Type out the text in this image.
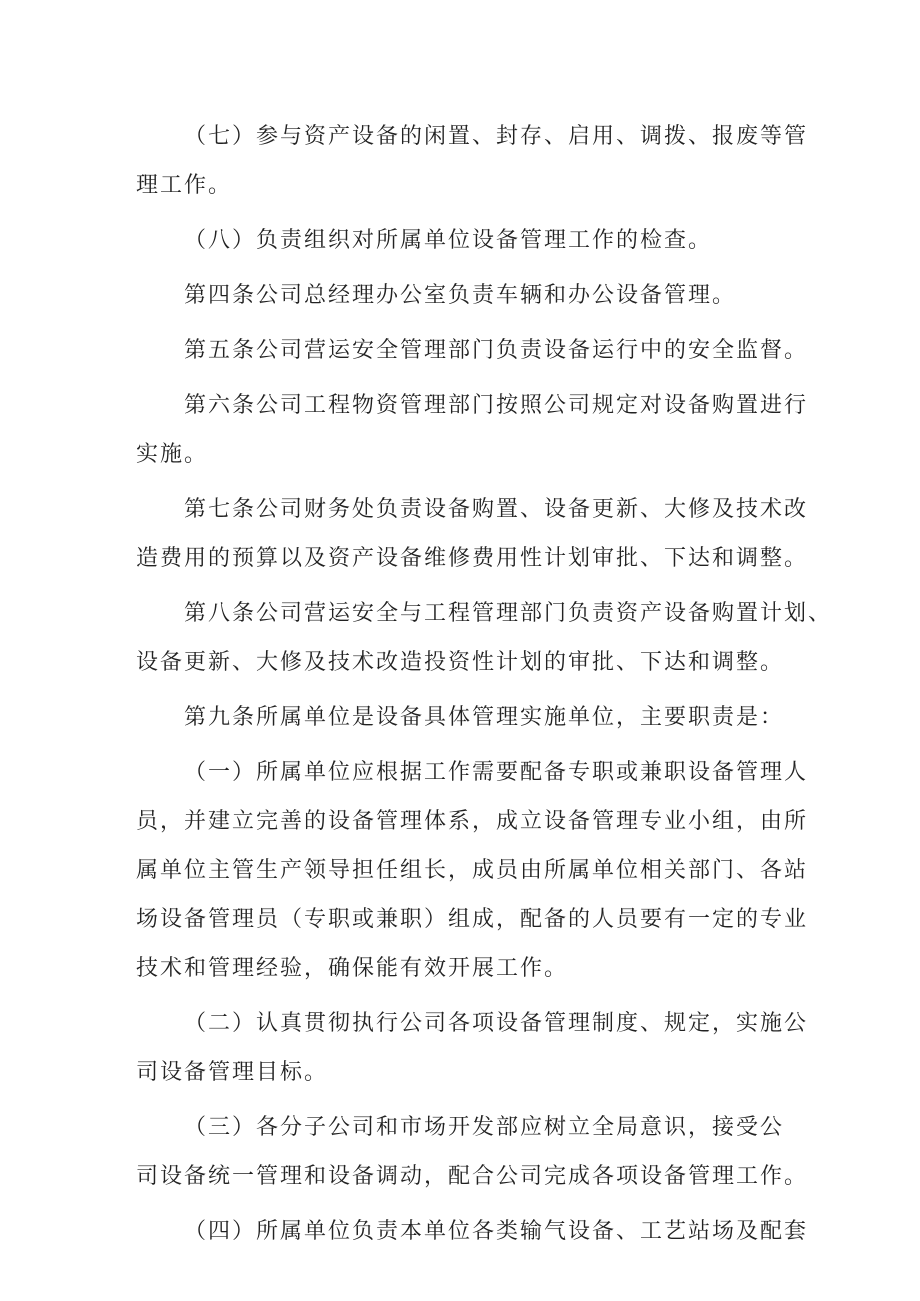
（七）参与资产设备的闲置、封存、启用、调拨、报废等管
理工作。
（八）负责组织对所属单位设备管理工作的检查。
第四条公司总经理办公室负责车辆和办公设备管理。
第五条公司营运安全管理部门负责设备运行中的安全监督。
第六条公司工程物资管理部门按照公司规定对设备购置进行
实施。
第七条公司财务处负责设备购置、设备更新、大修及技术改
造费用的预算以及资产设备维修费用性计划审批、下达和调整。
第八条公司营运安全与工程管理部门负责资产设备购置计划、
设备更新、大修及技术改造投资性计划的审批、下达和调整。
第九条所属单位是设备具体管理实施单位，主要职责是：
（一）所属单位应根据工作需要配备专职或兼职设备管理人
员，并建立完善的设备管理体系，成立设备管理专业小组，由所
属单位主管生产领导担任组长，成员由所属单位相关部门、各站
场设备管理员（专职或兼职）组成，配备的人员要有一定的专业
技术和管理经验，确保能有效开展工作。
（二）认真贯彻执行公司各项设备管理制度、规定，实施公
司设备管理目标。
（三）各分子公司和市场开发部应树立全局意识，接受公
司设备统一管理和设备调动，配合公司完成各项设备管理工作。
（四）所属单位负责本单位各类输气设备、工艺站场及配套
